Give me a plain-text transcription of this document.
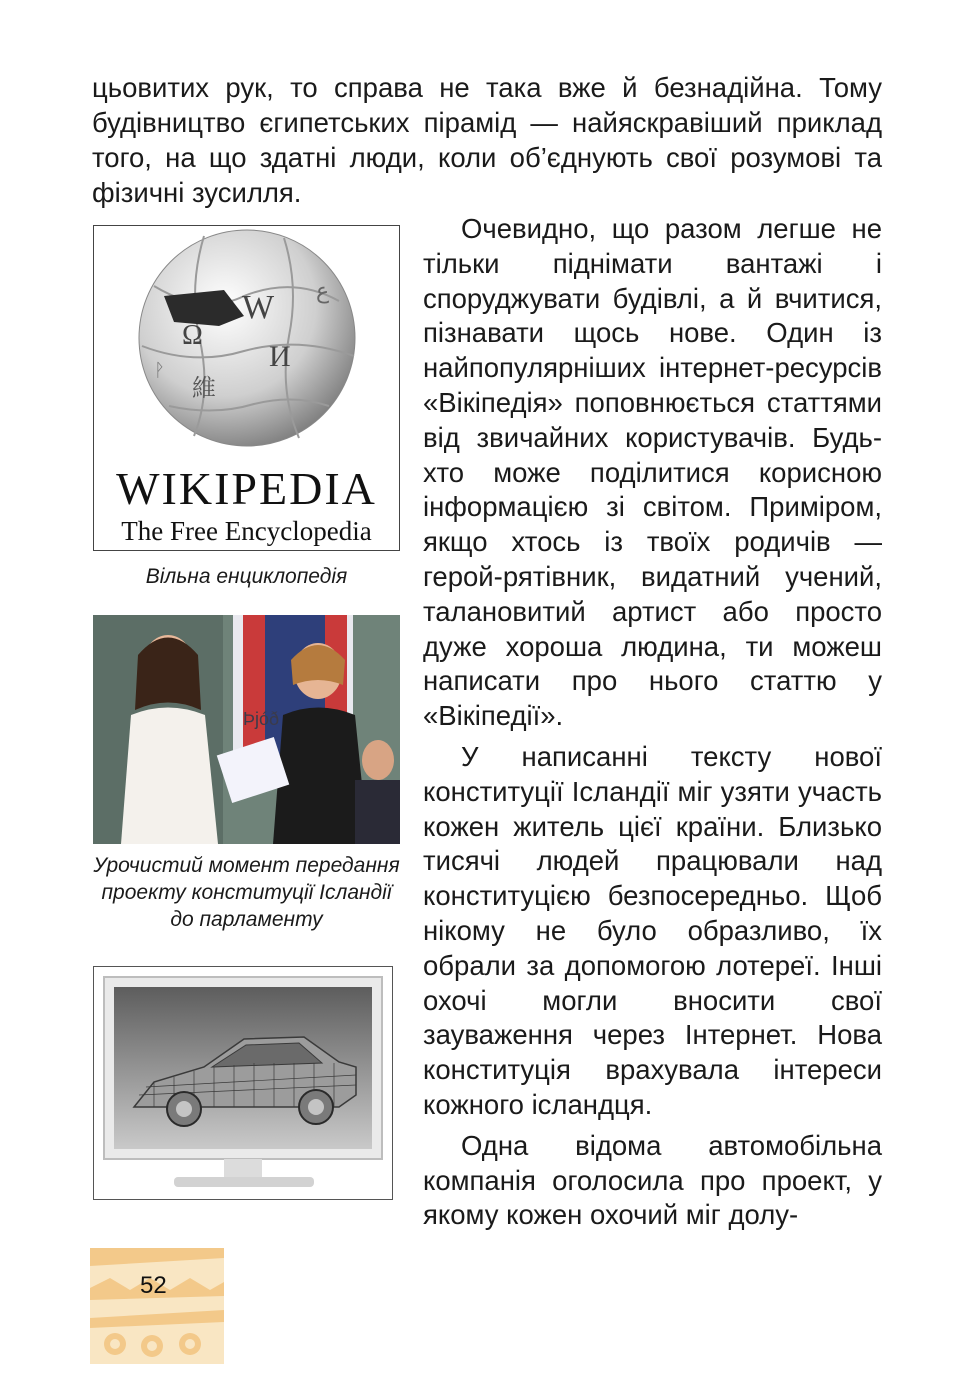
цьовитих рук, то справа не така вже й безнадійна. Тому будівництво єгипетських пірамід — найяскравіший приклад того, на що здатні люди, коли об’єднують свої розумові та фізичні зусилля.

W
Ω
И
維
ع
ᚹ
WIKIPEDIA
The Free Encyclopedia
Вільна енциклопедія
Þjóð
Урочистий момент передання проекту конституції Ісландії до парламенту

Очевидно, що разом легше не тільки піднімати вантажі і споруджувати будівлі, а й вчитися, пізнавати щось нове. Один із найпопулярніших інтернет-ресурсів «Вікіпедія» поповнюється статтями від звичайних користувачів. Будь-хто може поділитися корисною інформацією зі світом. Приміром, якщо хтось із твоїх родичів — герой-рятівник, видатний учений, талановитий артист або просто дуже хороша людина, ти можеш написати про нього статтю у «Вікіпедії».

У написанні тексту нової конституції Ісландії міг узяти участь кожен житель цієї країни. Близько тисячі людей працювали над конституцією безпосередньо. Щоб нікому не було образливо, їх обрали за допомогою лотереї. Інші охочі могли вносити свої зауваження через Інтернет. Нова конституція врахувала інтереси кожного ісландця.

Одна відома автомобільна компанія оголосила про проект, у якому кожен охочий міг долу-

52
